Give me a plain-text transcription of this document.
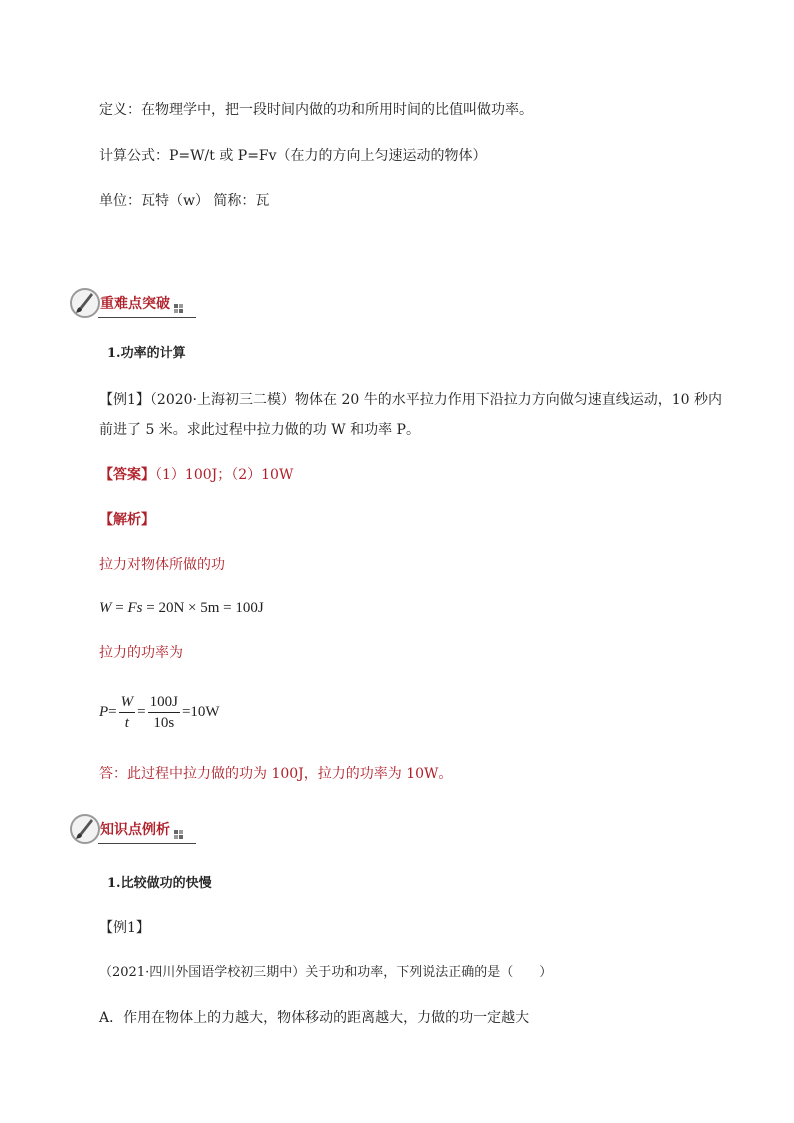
定义：在物理学中，把一段时间内做的功和所用时间的比值叫做功率。
计算公式：P=W/t 或 P=Fv（在力的方向上匀速运动的物体）
单位：瓦特（w） 简称：瓦
重难点突破
1.功率的计算
【例1】（2020·上海初三二模）物体在 20 牛的水平拉力作用下沿拉力方向做匀速直线运动，10 秒内
前进了 5 米。求此过程中拉力做的功 W 和功率 P。
【答案】（1）100J；（2）10W
【解析】
拉力对物体所做的功
W = Fs = 20N × 5m = 100J
拉力的功率为
$P= \frac{W}{t} = \frac{100J}{10s} =10W$
答：此过程中拉力做的功为 100J，拉力的功率为 10W。
知识点例析
1.比较做功的快慢
【例1】
（2021·四川外国语学校初三期中）关于功和功率，下列说法正确的是（　　）
A．作用在物体上的力越大，物体移动的距离越大，力做的功一定越大
